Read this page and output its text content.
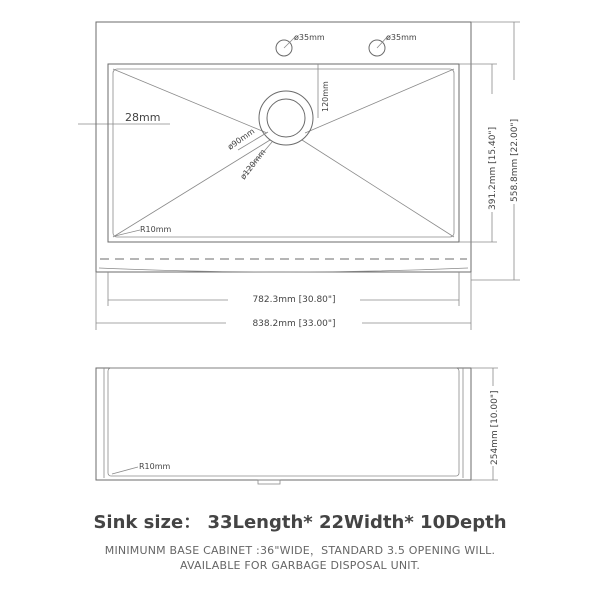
ø35mm	ø35mm
28mm
120mm
ø90mm
ø120mm
R10mm
782.3mm [30.80"]
838.2mm [33.00"]
391.2mm [15.40"] 558.8mm [22.00"]
R10mm
254mm [10.00"]
Sink size： 33Length* 22Width* 10Depth
MINIMUNM BASE CABINET :36"WIDE，STANDARD 3.5 OPENING WILL.
AVAILABLE FOR GARBAGE DISPOSAL UNIT.
